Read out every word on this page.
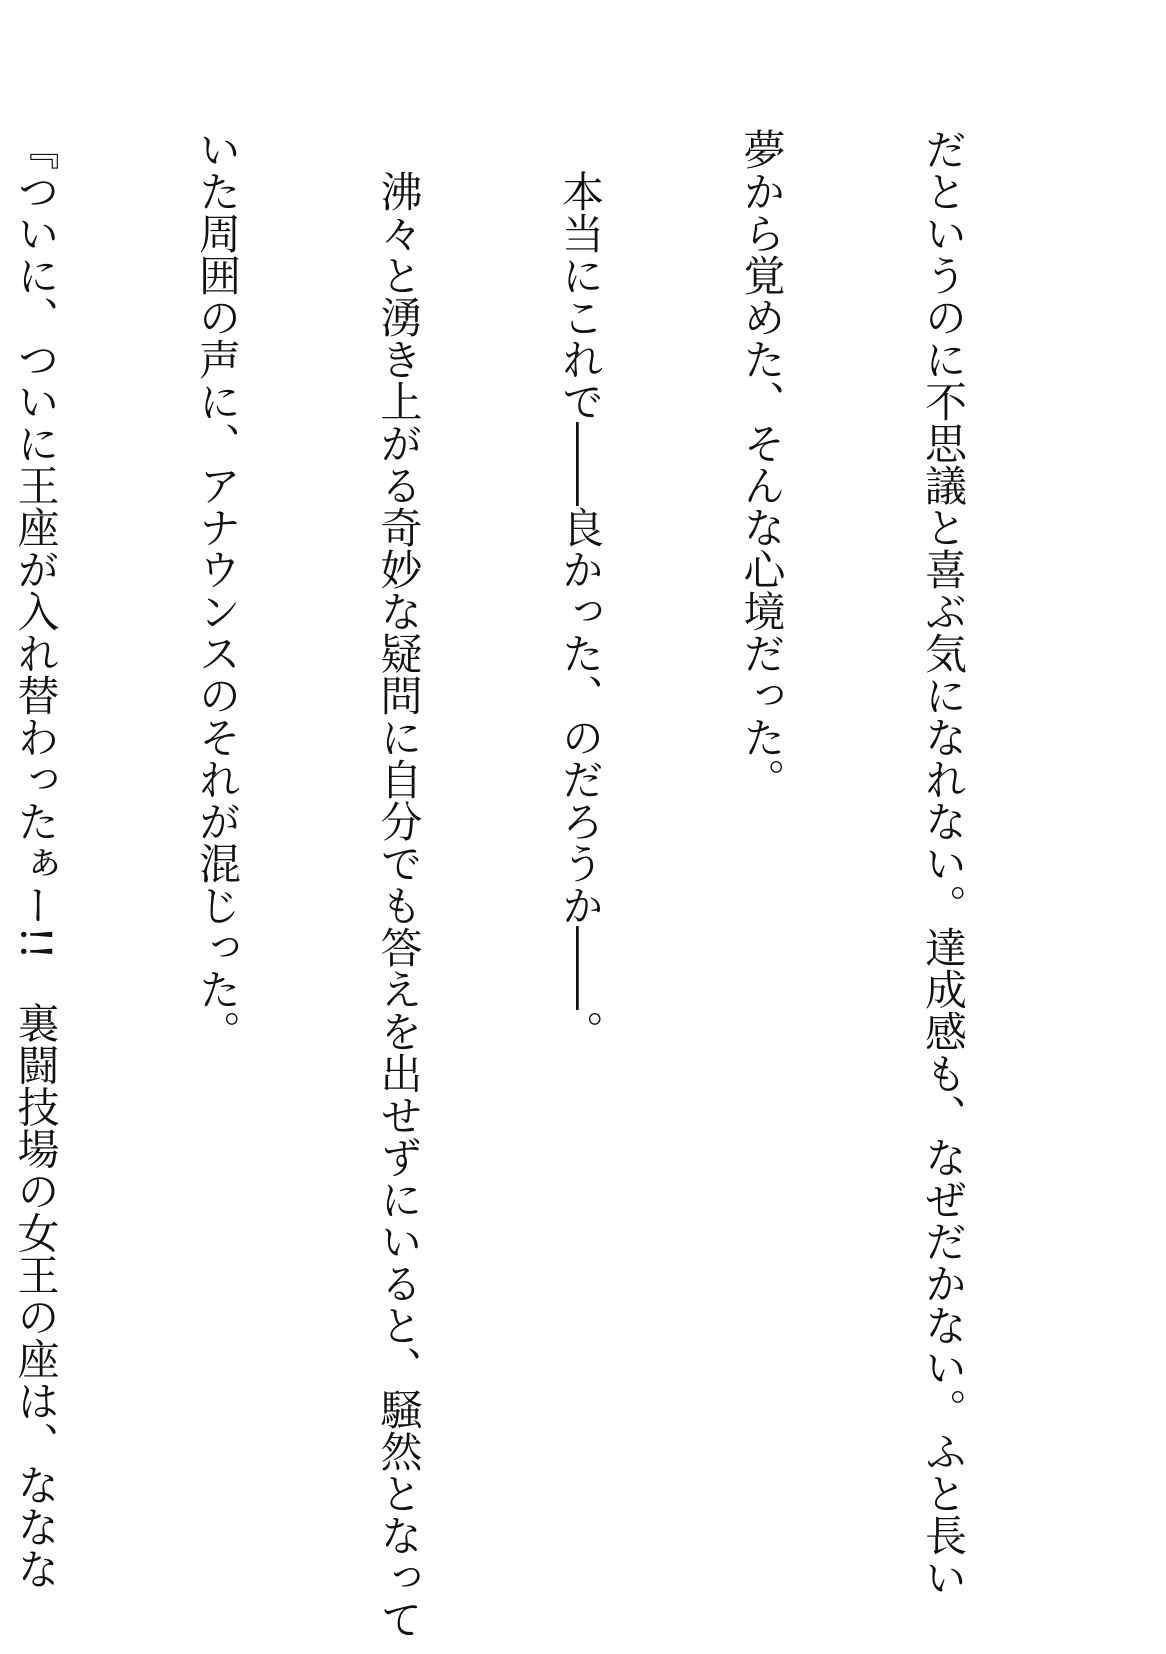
だというのに不思議と喜ぶ気になれない。達成感も、なぜだかない。ふと長い

夢から覚めた、そんな心境だった。

　本当にこれで――良かった、のだろうか――。

　沸々と湧き上がる奇妙な疑問に自分でも答えを出せずにいると、騒然となって

いた周囲の声に、アナウンスのそれが混じった。

『ついに、ついに王座が入れ替わったぁー!!　裏闘技場の女王の座は、ななな
